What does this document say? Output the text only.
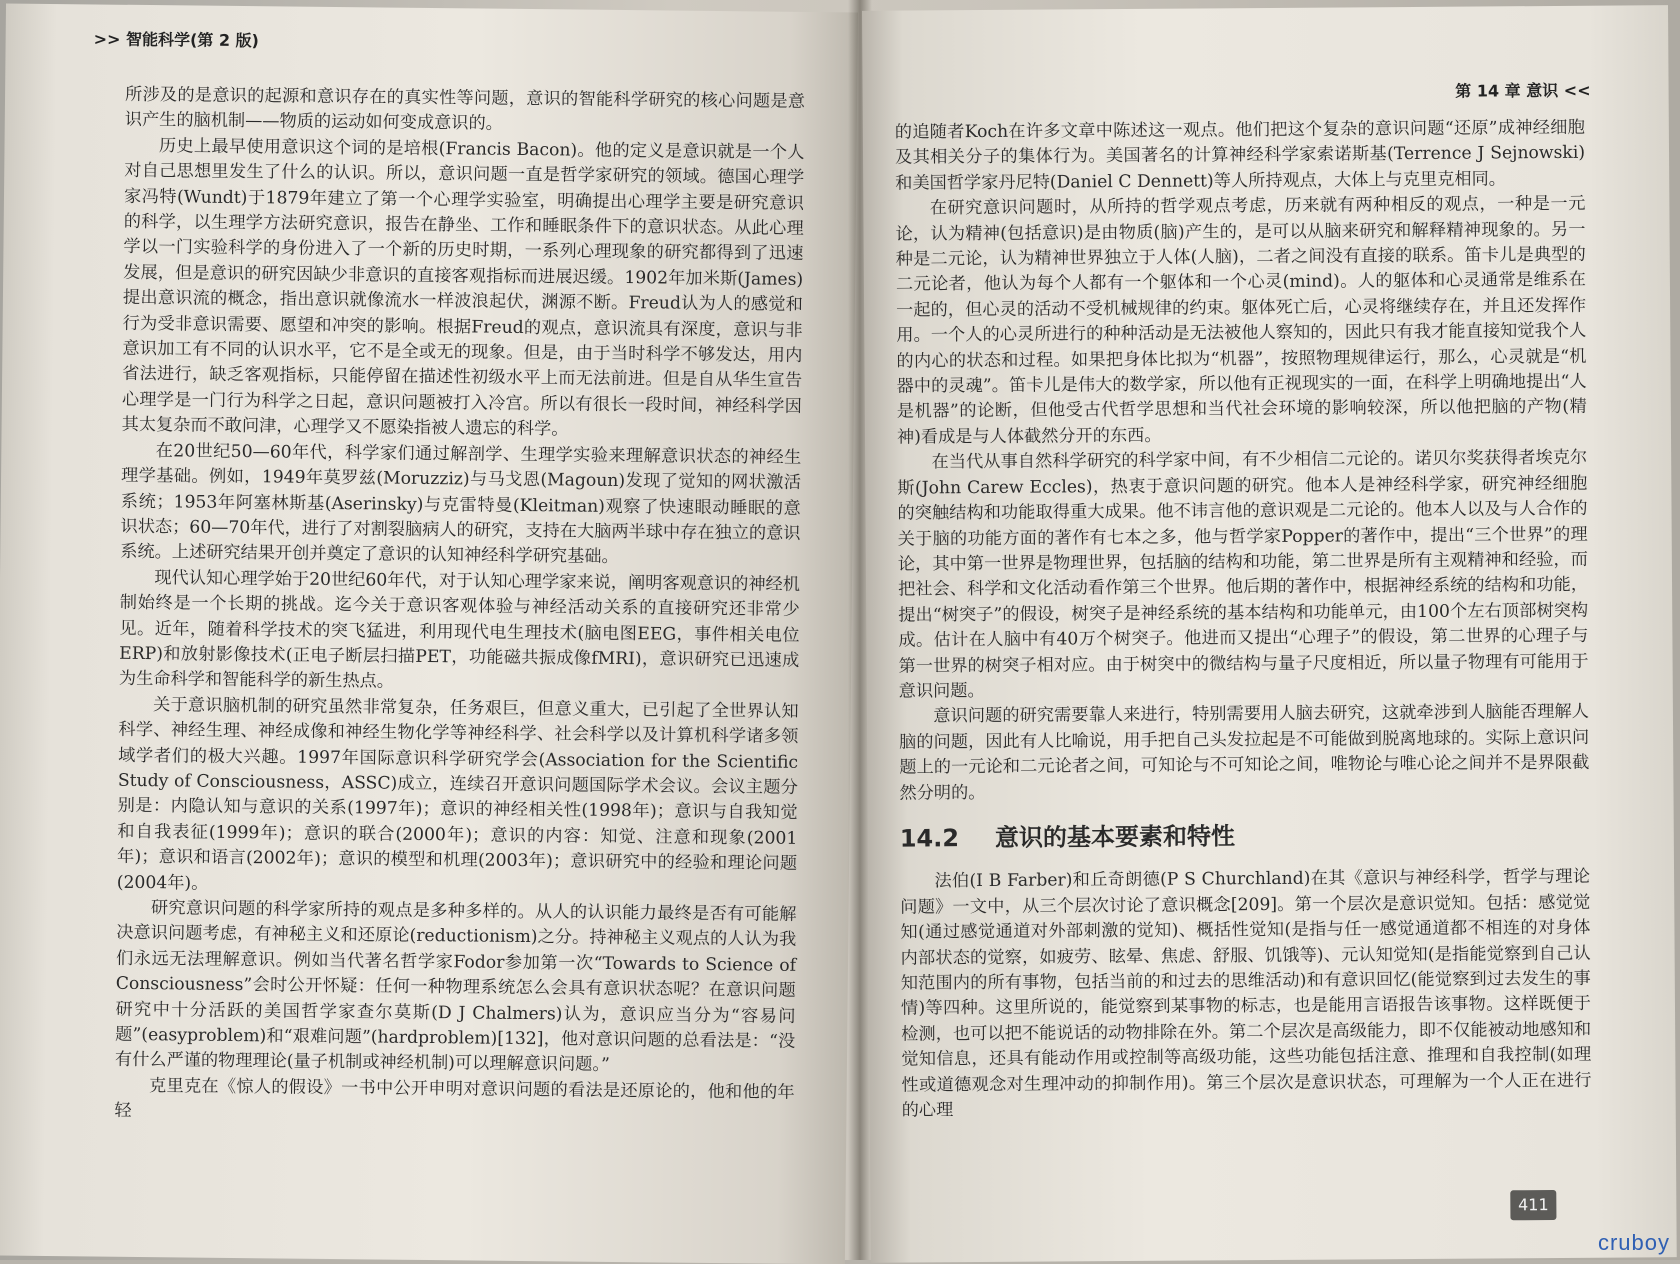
>> 智能科学(第 2 版)

所涉及的是意识的起源和意识存在的真实性等问题，意识的智能科学研究的核心问题是意识产生的脑机制——物质的运动如何变成意识的。

历史上最早使用意识这个词的是培根(Francis Bacon)。他的定义是意识就是一个人对自己思想里发生了什么的认识。所以，意识问题一直是哲学家研究的领域。德国心理学家冯特(Wundt)于1879年建立了第一个心理学实验室，明确提出心理学主要是研究意识的科学，以生理学方法研究意识，报告在静坐、工作和睡眠条件下的意识状态。从此心理学以一门实验科学的身份进入了一个新的历史时期，一系列心理现象的研究都得到了迅速发展，但是意识的研究因缺少非意识的直接客观指标而进展迟缓。1902年加米斯(James)提出意识流的概念，指出意识就像流水一样波浪起伏，渊源不断。Freud认为人的感觉和行为受非意识需要、愿望和冲突的影响。根据Freud的观点，意识流具有深度，意识与非意识加工有不同的认识水平，它不是全或无的现象。但是，由于当时科学不够发达，用内省法进行，缺乏客观指标，只能停留在描述性初级水平上而无法前进。但是自从华生宣告心理学是一门行为科学之日起，意识问题被打入冷宫。所以有很长一段时间，神经科学因其太复杂而不敢问津，心理学又不愿染指被人遗忘的科学。

在20世纪50—60年代，科学家们通过解剖学、生理学实验来理解意识状态的神经生理学基础。例如，1949年莫罗兹(Moruzziz)与马戈恩(Magoun)发现了觉知的网状激活系统；1953年阿塞林斯基(Aserinsky)与克雷特曼(Kleitman)观察了快速眼动睡眠的意识状态；60—70年代，进行了对割裂脑病人的研究，支持在大脑两半球中存在独立的意识系统。上述研究结果开创并奠定了意识的认知神经科学研究基础。

现代认知心理学始于20世纪60年代，对于认知心理学家来说，阐明客观意识的神经机制始终是一个长期的挑战。迄今关于意识客观体验与神经活动关系的直接研究还非常少见。近年，随着科学技术的突飞猛进，利用现代电生理技术(脑电图EEG，事件相关电位ERP)和放射影像技术(正电子断层扫描PET，功能磁共振成像fMRI)，意识研究已迅速成为生命科学和智能科学的新生热点。

关于意识脑机制的研究虽然非常复杂，任务艰巨，但意义重大，已引起了全世界认知科学、神经生理、神经成像和神经生物化学等神经科学、社会科学以及计算机科学诸多领域学者们的极大兴趣。1997年国际意识科学研究学会(Association for the Scientific Study of Consciousness，ASSC)成立，连续召开意识问题国际学术会议。会议主题分别是：内隐认知与意识的关系(1997年)；意识的神经相关性(1998年)；意识与自我知觉和自我表征(1999年)；意识的联合(2000年)；意识的内容：知觉、注意和现象(2001年)；意识和语言(2002年)；意识的模型和机理(2003年)；意识研究中的经验和理论问题(2004年)。

研究意识问题的科学家所持的观点是多种多样的。从人的认识能力最终是否有可能解决意识问题考虑，有神秘主义和还原论(reductionism)之分。持神秘主义观点的人认为我们永远无法理解意识。例如当代著名哲学家Fodor参加第一次“Towards to Science of Consciousness”会时公开怀疑：任何一种物理系统怎么会具有意识状态呢？在意识问题研究中十分活跃的美国哲学家查尔莫斯(D J Chalmers)认为，意识应当分为“容易问题”(easyproblem)和“艰难问题”(hardproblem)[132]，他对意识问题的总看法是：“没有什么严谨的物理理论(量子机制或神经机制)可以理解意识问题。”

克里克在《惊人的假设》一书中公开申明对意识问题的看法是还原论的，他和他的年轻

第 14 章 意识 <<

的追随者Koch在许多文章中陈述这一观点。他们把这个复杂的意识问题“还原”成神经细胞及其相关分子的集体行为。美国著名的计算神经科学家索诺斯基(Terrence J Sejnowski)和美国哲学家丹尼特(Daniel C Dennett)等人所持观点，大体上与克里克相同。

在研究意识问题时，从所持的哲学观点考虑，历来就有两种相反的观点，一种是一元论，认为精神(包括意识)是由物质(脑)产生的，是可以从脑来研究和解释精神现象的。另一种是二元论，认为精神世界独立于人体(人脑)，二者之间没有直接的联系。笛卡儿是典型的二元论者，他认为每个人都有一个躯体和一个心灵(mind)。人的躯体和心灵通常是维系在一起的，但心灵的活动不受机械规律的约束。躯体死亡后，心灵将继续存在，并且还发挥作用。一个人的心灵所进行的种种活动是无法被他人察知的，因此只有我才能直接知觉我个人的内心的状态和过程。如果把身体比拟为“机器”，按照物理规律运行，那么，心灵就是“机器中的灵魂”。笛卡儿是伟大的数学家，所以他有正视现实的一面，在科学上明确地提出“人是机器”的论断，但他受古代哲学思想和当代社会环境的影响较深，所以他把脑的产物(精神)看成是与人体截然分开的东西。

在当代从事自然科学研究的科学家中间，有不少相信二元论的。诺贝尔奖获得者埃克尔斯(John Carew Eccles)，热衷于意识问题的研究。他本人是神经科学家，研究神经细胞的突触结构和功能取得重大成果。他不讳言他的意识观是二元论的。他本人以及与人合作的关于脑的功能方面的著作有七本之多，他与哲学家Popper的著作中，提出“三个世界”的理论，其中第一世界是物理世界，包括脑的结构和功能，第二世界是所有主观精神和经验，而把社会、科学和文化活动看作第三个世界。他后期的著作中，根据神经系统的结构和功能，提出“树突子”的假设，树突子是神经系统的基本结构和功能单元，由100个左右顶部树突构成。估计在人脑中有40万个树突子。他进而又提出“心理子”的假设，第二世界的心理子与第一世界的树突子相对应。由于树突中的微结构与量子尺度相近，所以量子物理有可能用于意识问题。

意识问题的研究需要靠人来进行，特别需要用人脑去研究，这就牵涉到人脑能否理解人脑的问题，因此有人比喻说，用手把自己头发拉起是不可能做到脱离地球的。实际上意识问题上的一元论和二元论者之间，可知论与不可知论之间，唯物论与唯心论之间并不是界限截然分明的。

14.2 意识的基本要素和特性

法伯(I B Farber)和丘奇朗德(P S Churchland)在其《意识与神经科学，哲学与理论问题》一文中，从三个层次讨论了意识概念[209]。第一个层次是意识觉知。包括：感觉觉知(通过感觉通道对外部刺激的觉知)、概括性觉知(是指与任一感觉通道都不相连的对身体内部状态的觉察，如疲劳、眩晕、焦虑、舒服、饥饿等)、元认知觉知(是指能觉察到自己认知范围内的所有事物，包括当前的和过去的思维活动)和有意识回忆(能觉察到过去发生的事情)等四种。这里所说的，能觉察到某事物的标志，也是能用言语报告该事物。这样既便于检测，也可以把不能说话的动物排除在外。第二个层次是高级能力，即不仅能被动地感知和觉知信息，还具有能动作用或控制等高级功能，这些功能包括注意、推理和自我控制(如理性或道德观念对生理冲动的抑制作用)。第三个层次是意识状态，可理解为一个人正在进行的心理

411
cruboy
